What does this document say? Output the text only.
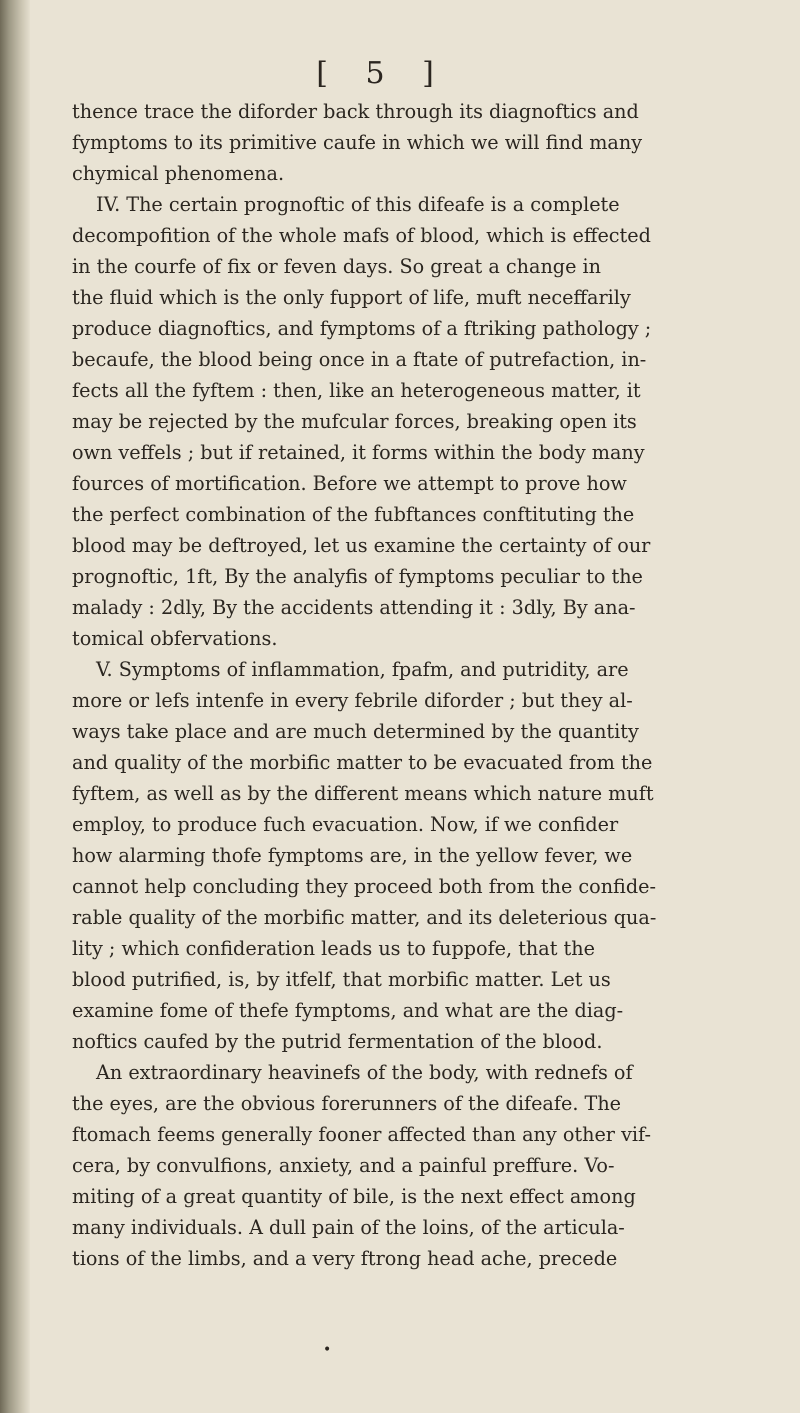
[ 5 ]

thence trace the diforder back through its diagnoftics and

fymptoms to its primitive caufe in which we will find many

chymical phenomena.

IV. The certain prognoftic of this difeafe is a complete

decompofition of the whole mafs of blood, which is effected

in the courfe of fix or feven days. So great a change in

the fluid which is the only fupport of life, muft neceffarily

produce diagnoftics, and fymptoms of a ftriking pathology ;

becaufe, the blood being once in a ftate of putrefaction, in-

fects all the fyftem : then, like an heterogeneous matter, it

may be rejected by the mufcular forces, breaking open its

own veffels ; but if retained, it forms within the body many

fources of mortification. Before we attempt to prove how

the perfect combination of the fubftances conftituting the

blood may be deftroyed, let us examine the certainty of our

prognoftic, 1ft, By the analyfis of fymptoms peculiar to the

malady : 2dly, By the accidents attending it : 3dly, By ana-

tomical obfervations.

V. Symptoms of inflammation, fpafm, and putridity, are

more or lefs intenfe in every febrile diforder ; but they al-

ways take place and are much determined by the quantity

and quality of the morbific matter to be evacuated from the

fyftem, as well as by the different means which nature muft

employ, to produce fuch evacuation. Now, if we confider

how alarming thofe fymptoms are, in the yellow fever, we

cannot help concluding they proceed both from the confide-

rable quality of the morbific matter, and its deleterious qua-

lity ; which confideration leads us to fuppofe, that the

blood putrified, is, by itfelf, that morbific matter. Let us

examine fome of thefe fymptoms, and what are the diag-

noftics caufed by the putrid fermentation of the blood.

An extraordinary heavinefs of the body, with rednefs of

the eyes, are the obvious forerunners of the difeafe. The

ftomach feems generally fooner affected than any other vif-

cera, by convulfions, anxiety, and a painful preffure. Vo-

miting of a great quantity of bile, is the next effect among

many individuals. A dull pain of the loins, of the articula-

tions of the limbs, and a very ftrong head ache, precede

•
